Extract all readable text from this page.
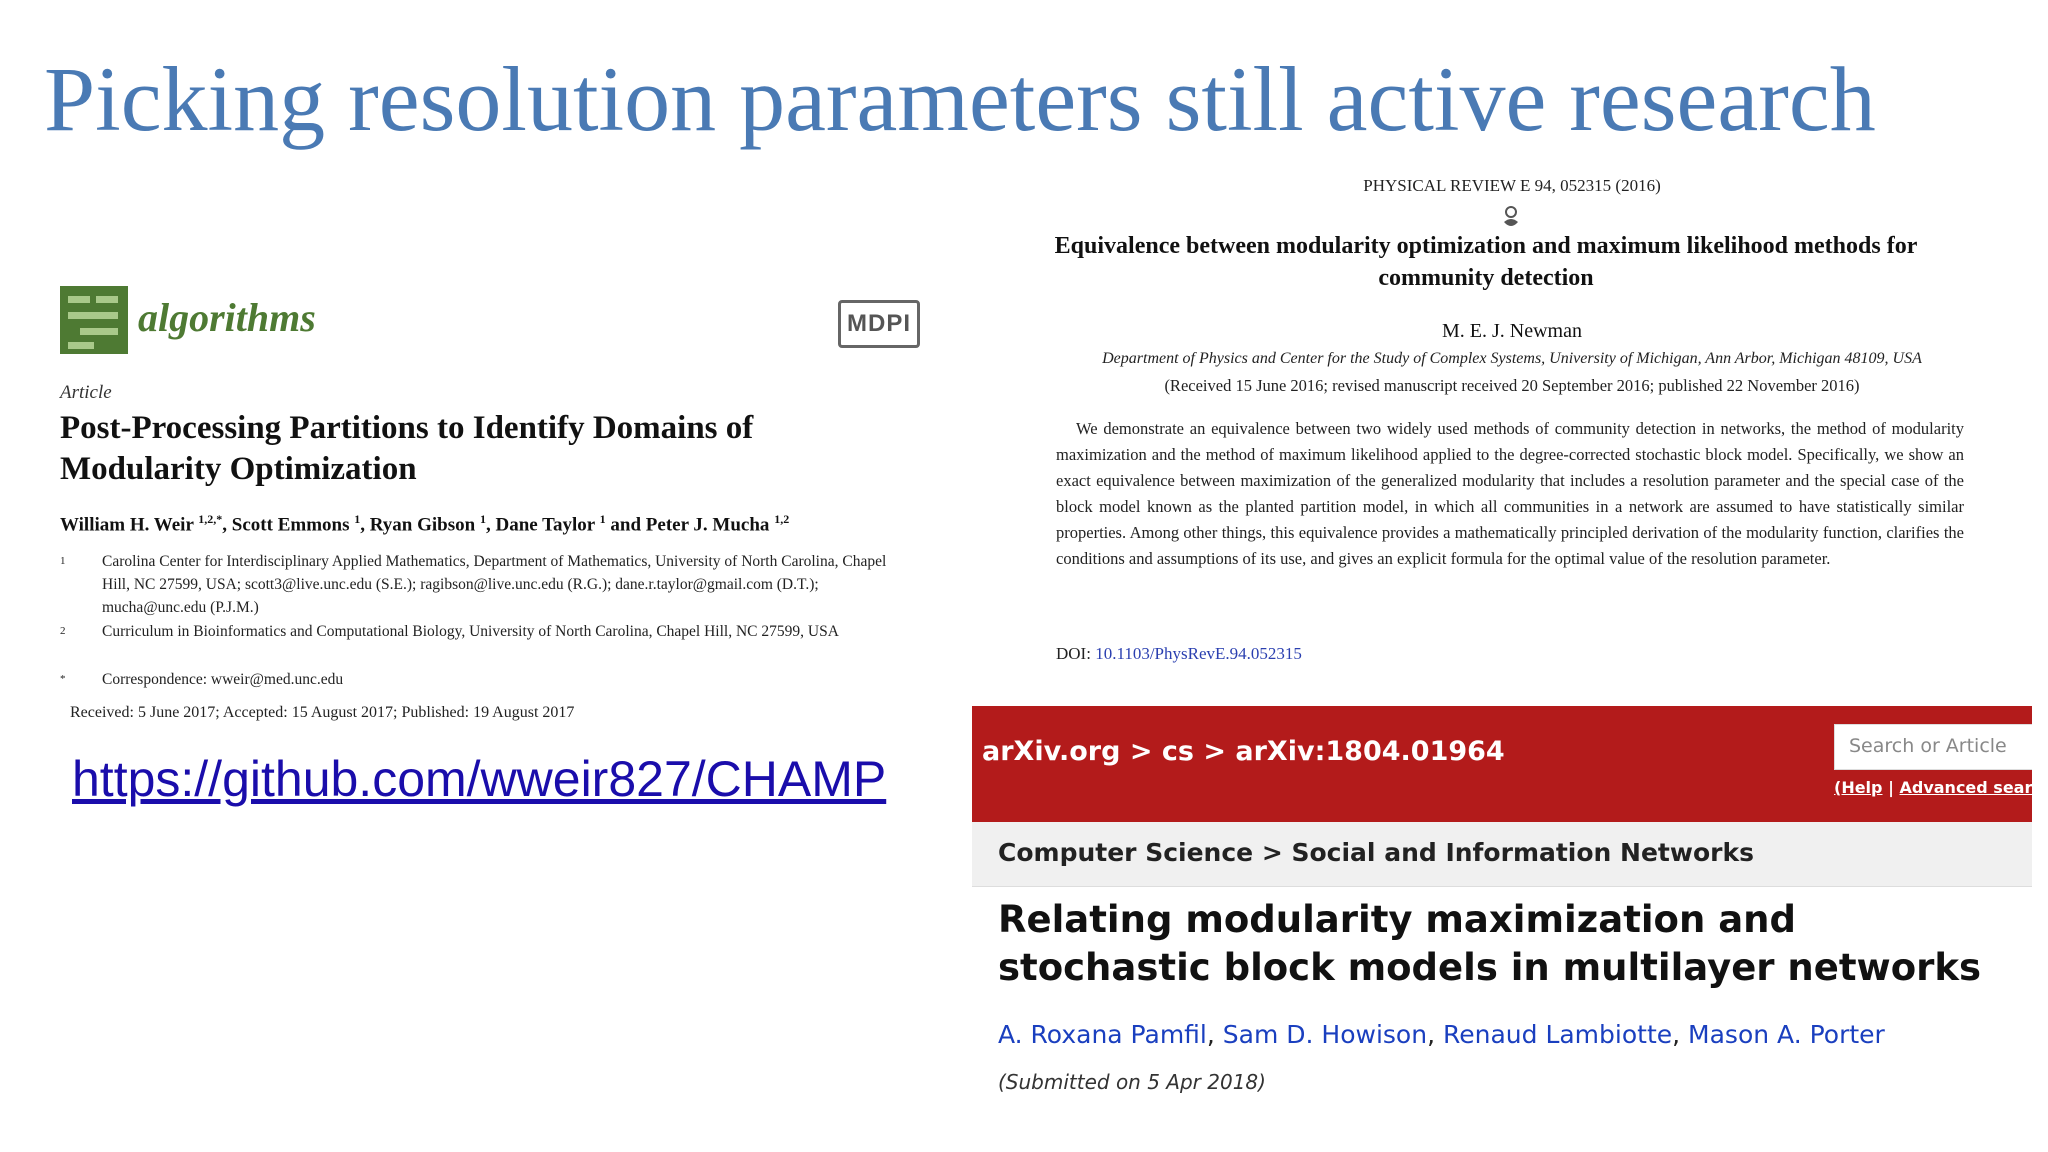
Picking resolution parameters still active research
algorithms	MDPI
Article
Post-Processing Partitions to Identify Domains of Modularity Optimization
William H. Weir $^{1,2,*}$, Scott Emmons $^1$, Ryan Gibson $^1$, Dane Taylor $^1$ and Peter J. Mucha $^{1,2}$
1 Carolina Center for Interdisciplinary Applied Mathematics, Department of Mathematics, University of North Carolina, Chapel Hill, NC 27599, USA; scott3@live.unc.edu (S.E.); ragibson@live.unc.edu (R.G.); dane.r.taylor@gmail.com (D.T.); mucha@unc.edu (P.J.M.)
2 Curriculum in Bioinformatics and Computational Biology, University of North Carolina, Chapel Hill, NC 27599, USA
* Correspondence: wweir@med.unc.edu
Received: 5 June 2017; Accepted: 15 August 2017; Published: 19 August 2017
https://github.com/wweir827/CHAMP
PHYSICAL REVIEW E 94, 052315 (2016)
Equivalence between modularity optimization and maximum likelihood methods for community detection
M. E. J. Newman
Department of Physics and Center for the Study of Complex Systems, University of Michigan, Ann Arbor, Michigan 48109, USA
(Received 15 June 2016; revised manuscript received 20 September 2016; published 22 November 2016)

We demonstrate an equivalence between two widely used methods of community detection in networks, the method of modularity maximization and the method of maximum likelihood applied to the degree-corrected stochastic block model. Specifically, we show an exact equivalence between maximization of the generalized modularity that includes a resolution parameter and the special case of the block model known as the planted partition model, in which all communities in a network are assumed to have statistically similar properties. Among other things, this equivalence provides a mathematically principled derivation of the modularity function, clarifies the conditions and assumptions of its use, and gives an explicit formula for the optimal value of the resolution parameter.

DOI: 10.1103/PhysRevE.94.052315
arXiv.org > cs > arXiv:1804.01964	Search or Article
(Help | Advanced sear
Computer Science > Social and Information Networks
Relating modularity maximization and stochastic block models in multilayer networks
A. Roxana Pamfil, Sam D. Howison, Renaud Lambiotte, Mason A. Porter
(Submitted on 5 Apr 2018)
